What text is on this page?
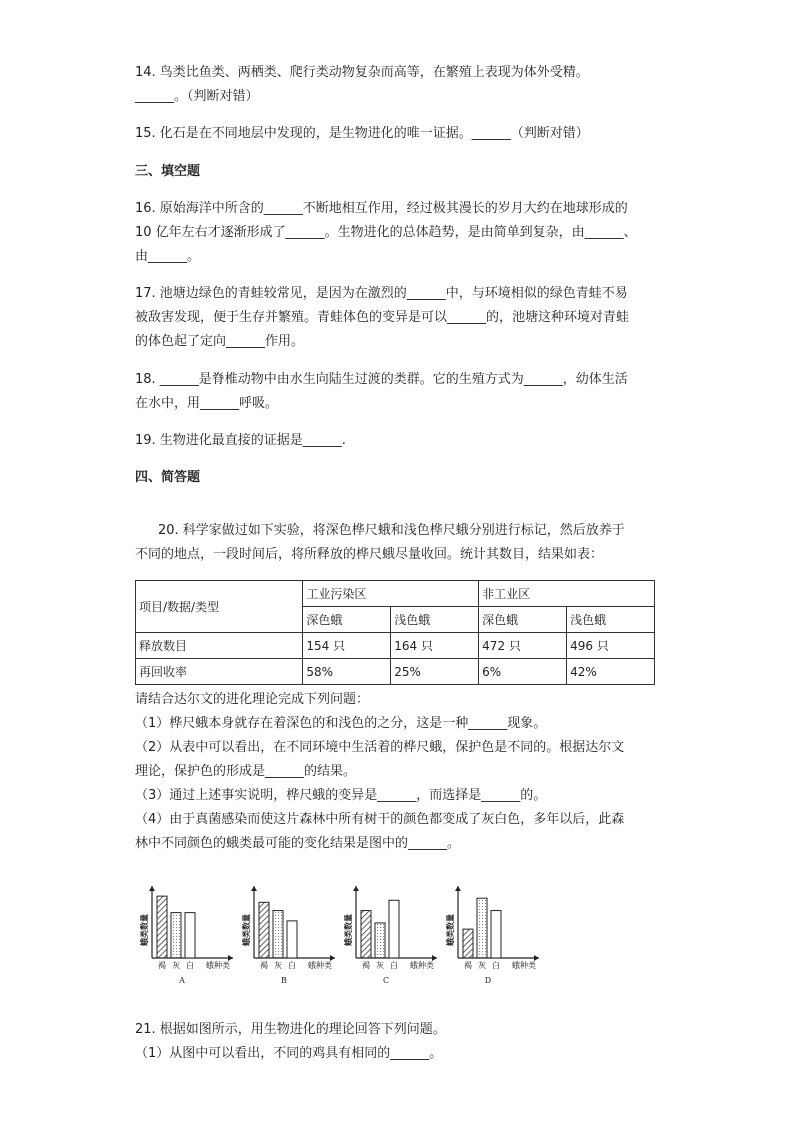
14. 鸟类比鱼类、两栖类、爬行类动物复杂而高等，在繁殖上表现为体外受精。
______。（判断对错）
15. 化石是在不同地层中发现的，是生物进化的唯一证据。______（判断对错）
三、填空题
16. 原始海洋中所含的______不断地相互作用，经过极其漫长的岁月大约在地球形成的
10 亿年左右才逐渐形成了______。生物进化的总体趋势，是由简单到复杂，由______、
由______。
17. 池塘边绿色的青蛙较常见，是因为在激烈的______中，与环境相似的绿色青蛙不易
被敌害发现，便于生存并繁殖。青蛙体色的变异是可以______的，池塘这种环境对青蛙
的体色起了定向______作用。
18. ______是脊椎动物中由水生向陆生过渡的类群。它的生殖方式为______，幼体生活
在水中，用______呼吸。
19. 生物进化最直接的证据是______.
四、简答题
20. 科学家做过如下实验，将深色桦尺蛾和浅色桦尺蛾分别进行标记，然后放养于
不同的地点，一段时间后，将所释放的桦尺蛾尽量收回。统计其数目，结果如表：
项目/数据/类型	工业污染区		非工业区	
	深色蛾	浅色蛾	深色蛾	浅色蛾
释放数目	154 只	164 只	472 只	496 只
再回收率	58%	25%	6%	42%
请结合达尔文的进化理论完成下列问题：
（1）桦尺蛾本身就存在着深色的和浅色的之分，这是一种______现象。
（2）从表中可以看出，在不同环境中生活着的桦尺蛾，保护色是不同的。根据达尔文
理论，保护色的形成是______的结果。
（3）通过上述事实说明，桦尺蛾的变异是______，而选择是______的。
（4）由于真菌感染而使这片森林中所有树干的颜色都变成了灰白色，多年以后，此森
林中不同颜色的蛾类最可能的变化结果是图中的______。
蛾类数量
褐 灰 白 蛾种类
A
蛾类数量
褐 灰 白 蛾种类
B
蛾类数量
褐 灰 白 蛾种类
C
蛾类数量
褐 灰 白 蛾种类
D
21. 根据如图所示，用生物进化的理论回答下列问题。
（1）从图中可以看出，不同的鸡具有相同的______。
